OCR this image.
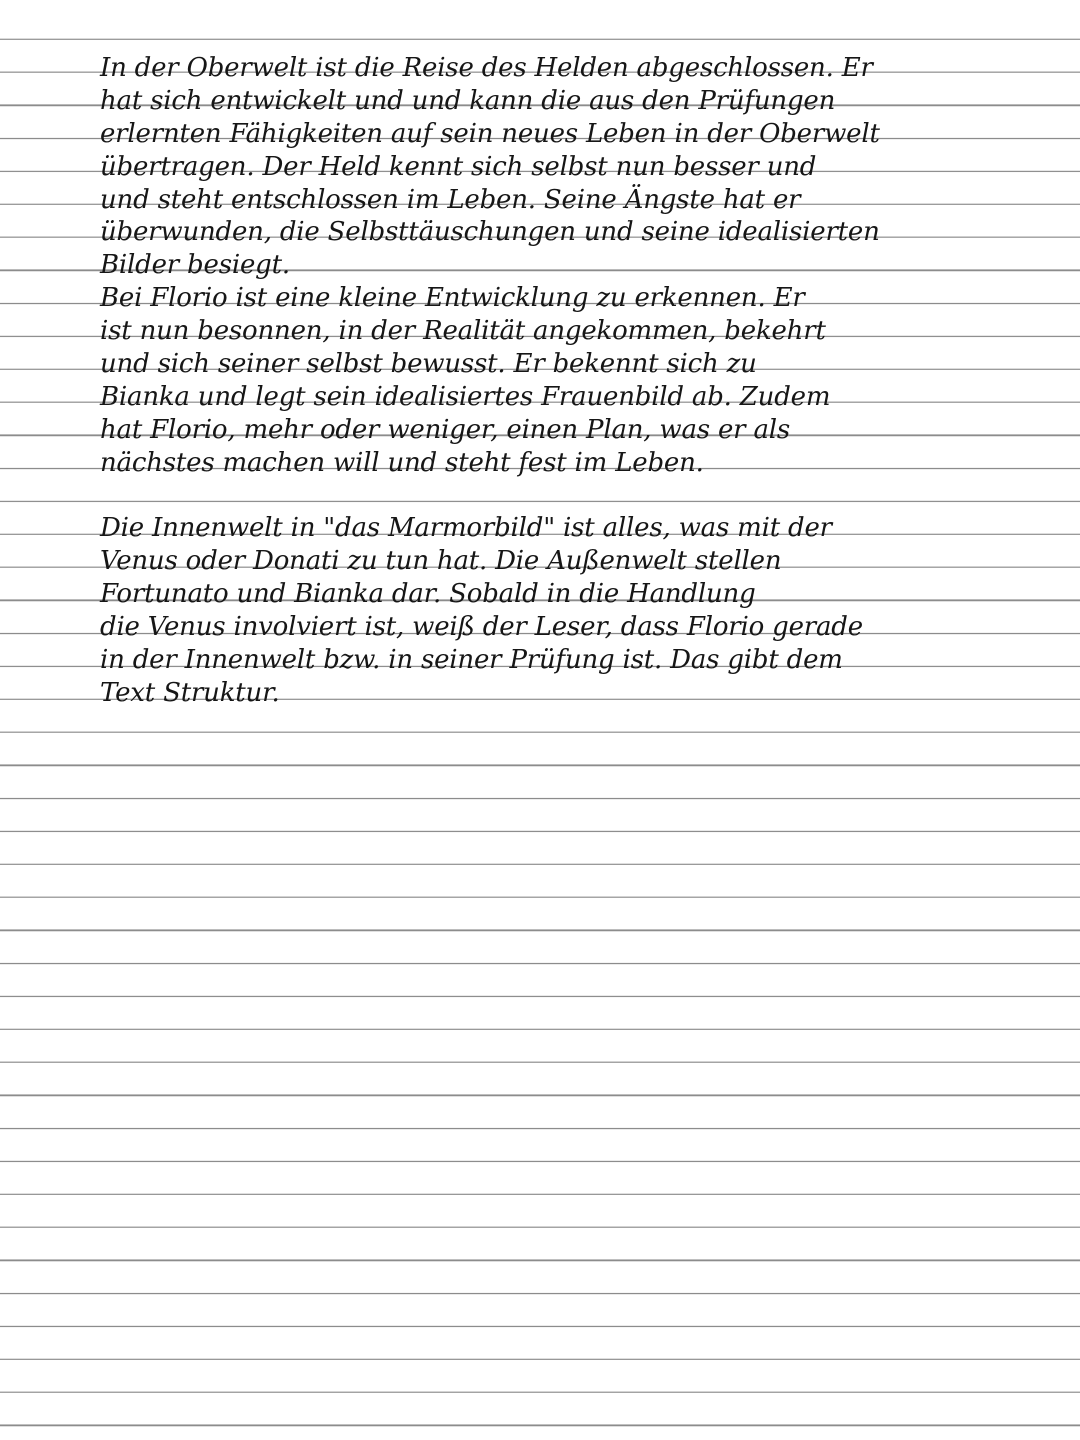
In der Oberwelt ist die Reise des Helden abgeschlossen. Er
hat sich entwickelt und und kann die aus den Prüfungen
erlernten Fähigkeiten auf sein neues Leben in der Oberwelt
übertragen. Der Held kennt sich selbst nun besser und
und steht entschlossen im Leben. Seine Ängste hat er
überwunden, die Selbsttäuschungen und seine idealisierten
Bilder besiegt.
Bei Florio ist eine kleine Entwicklung zu erkennen. Er
ist nun besonnen, in der Realität angekommen, bekehrt
und sich seiner selbst bewusst. Er bekennt sich zu
Bianka und legt sein idealisiertes Frauenbild ab. Zudem
hat Florio, mehr oder weniger, einen Plan, was er als
nächstes machen will und steht fest im Leben.
Die Innenwelt in "das Marmorbild" ist alles, was mit der
Venus oder Donati zu tun hat. Die Außenwelt stellen
Fortunato und Bianka dar. Sobald in die Handlung
die Venus involviert ist, weiß der Leser, dass Florio gerade
in der Innenwelt bzw. in seiner Prüfung ist. Das gibt dem
Text Struktur.
